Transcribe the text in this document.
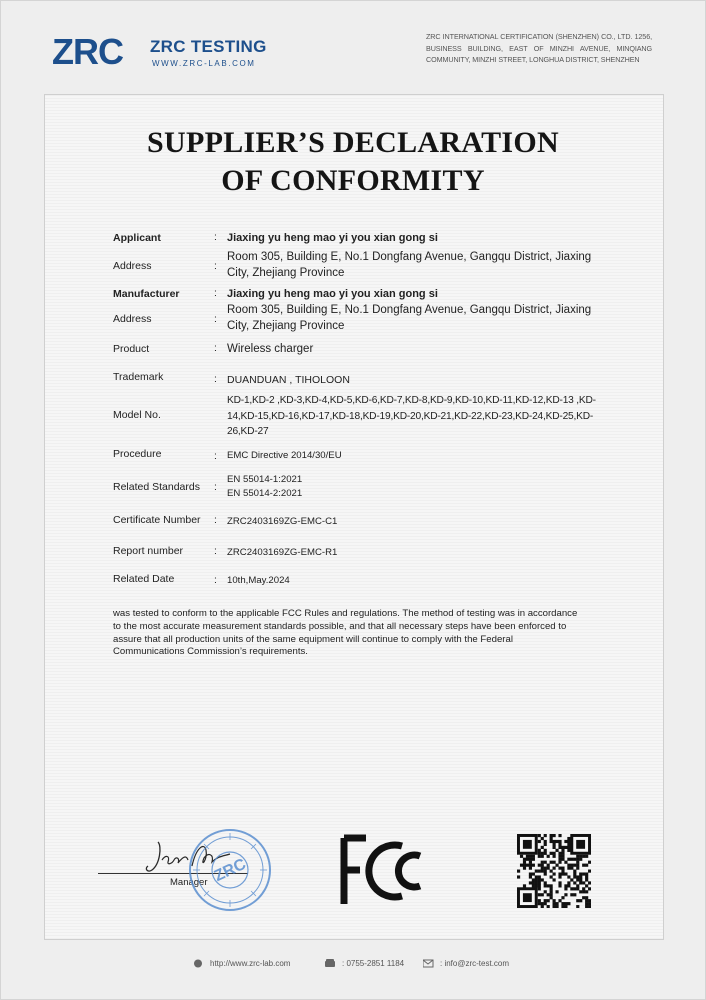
ZRC ZRC TESTING
WWW.ZRC-LAB.COM
ZRC INTERNATIONAL CERTIFICATION (SHENZHEN) CO., LTD. 1256, BUSINESS BUILDING, EAST OF MINZHI AVENUE, MINQIANG COMMUNITY, MINZHI STREET, LONGHUA DISTRICT, SHENZHEN
SUPPLIER’S DECLARATION
OF CONFORMITY
Applicant	: Jiaxing yu heng mao yi you xian gong si
Address	:
Room 305, Building E, No.1 Dongfang Avenue, Gangqu District, Jiaxing City, Zhejiang Province
Manufacturer	: Jiaxing yu heng mao yi you xian gong si
Address	:
Room 305, Building E, No.1 Dongfang Avenue, Gangqu District, Jiaxing City, Zhejiang Province
Product	: Wireless charger
Trademark	: DUANDUAN , TIHOLOON
Model No.
KD-1,KD-2 ,KD-3,KD-4,KD-5,KD-6,KD-7,KD-8,KD-9,KD-10,KD-11,KD-12,KD-13 ,KD-14,KD-15,KD-16,KD-17,KD-18,KD-19,KD-20,KD-21,KD-22,KD-23,KD-24,KD-25,KD-26,KD-27
Procedure	: EMC Directive 2014/30/EU
Related Standards :
EN 55014-1:2021
EN 55014-2:2021
Certificate Number : ZRC2403169ZG-EMC-C1
Report number	: ZRC2403169ZG-EMC-R1
Related Date	: 10th,May.2024
was tested to conform to the applicable FCC Rules and regulations. The method of testing was in accordance to the most accurate measurement standards possible, and that all necessary steps have been enforced to assure that all production units of the same equipment will continue to comply with the Federal Communications Commission’s requirements.
Manager ZRC
FCC
http://www.zrc-lab.com	: 0755-2851 1184	: info@zrc-test.com
